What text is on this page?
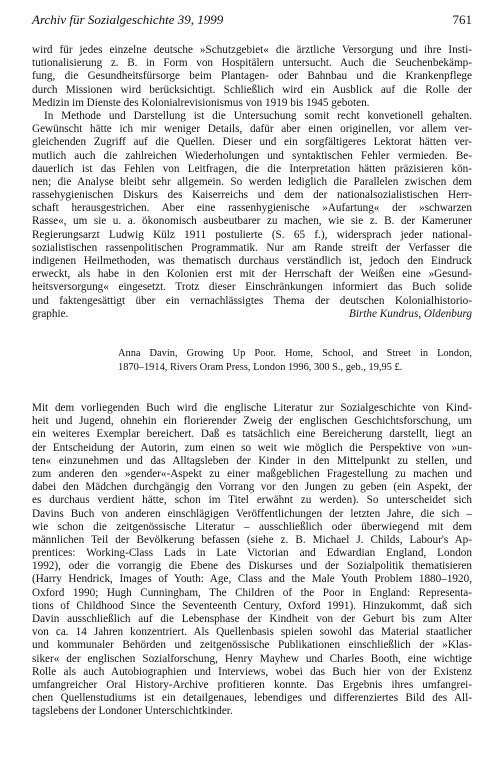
Archiv für Sozialgeschichte 39, 1999	761
wird für jedes einzelne deutsche »Schutzgebiet« die ärztliche Versorgung und ihre Insti-
tutionalisierung z. B. in Form von Hospitälern untersucht. Auch die Seuchenbekämp-
fung, die Gesundheitsfürsorge beim Plantagen- oder Bahnbau und die Krankenpflege
durch Missionen wird berücksichtigt. Schließlich wird ein Ausblick auf die Rolle der
Medizin im Dienste des Kolonialrevisionismus von 1919 bis 1945 geboten.
In Methode und Darstellung ist die Untersuchung somit recht konvetionell gehalten.
Gewünscht hätte ich mir weniger Details, dafür aber einen originellen, vor allem ver-
gleichenden Zugriff auf die Quellen. Dieser und ein sorgfältigeres Lektorat hätten ver-
mutlich auch die zahlreichen Wiederholungen und syntaktischen Fehler vermieden. Be-
dauerlich ist das Fehlen von Leitfragen, die die Interpretation hätten präzisieren kön-
nen; die Analyse bleibt sehr allgemein. So werden lediglich die Parallelen zwischen dem
rassehygienischen Diskurs des Kaiserreichs und dem der nationalsozialistischen Herr-
schaft herausgestrichen. Aber eine rassenhygienische »Aufartung« der »schwarzen
Rasse«, um sie u. a. ökonomisch ausbeutbarer zu machen, wie sie z. B. der Kameruner
Regierungsarzt Ludwig Külz 1911 postulierte (S. 65 f.), widersprach jeder national-
sozialistischen rassenpolitischen Programmatik. Nur am Rande streift der Verfasser die
indigenen Heilmethoden, was thematisch durchaus verständlich ist, jedoch den Eindruck
erweckt, als habe in den Kolonien erst mit der Herrschaft der Weißen eine »Gesund-
heitsversorgung« eingesetzt. Trotz dieser Einschränkungen informiert das Buch solide
und faktengesättigt über ein vernachlässigtes Thema der deutschen Kolonialhistorio-
graphie.	Birthe Kundrus, Oldenburg
Anna Davin, Growing Up Poor. Home, School, and Street in London,
1870–1914, Rivers Oram Press, London 1996, 300 S., geb., 19,95 £.
Mit dem vorliegenden Buch wird die englische Literatur zur Sozialgeschichte von Kind-
heit und Jugend, ohnehin ein florierender Zweig der englischen Geschichtsforschung, um
ein weiteres Exemplar bereichert. Daß es tatsächlich eine Bereicherung darstellt, liegt an
der Entscheidung der Autorin, zum einen so weit wie möglich die Perspektive von »un-
ten« einzunehmen und das Alltagsleben der Kinder in den Mittelpunkt zu stellen, und
zum anderen den »gender«-Aspekt zu einer maßgeblichen Fragestellung zu machen und
dabei den Mädchen durchgängig den Vorrang vor den Jungen zu geben (ein Aspekt, der
es durchaus verdient hätte, schon im Titel erwähnt zu werden). So unterscheidet sich
Davins Buch von anderen einschlägigen Veröffentlichungen der letzten Jahre, die sich –
wie schon die zeitgenössische Literatur – ausschließlich oder überwiegend mit dem
männlichen Teil der Bevölkerung befassen (siehe z. B. Michael J. Childs, Labour's Ap-
prentices: Working-Class Lads in Late Victorian and Edwardian England, London
1992), oder die vorrangig die Ebene des Diskurses und der Sozialpolitik thematisieren
(Harry Hendrick, Images of Youth: Age, Class and the Male Youth Problem 1880–1920,
Oxford 1990; Hugh Cunningham, The Children of the Poor in England: Representa-
tions of Childhood Since the Seventeenth Century, Oxford 1991). Hinzukommt, daß sich
Davin ausschließlich auf die Lebensphase der Kindheit von der Geburt bis zum Alter
von ca. 14 Jahren konzentriert. Als Quellenbasis spielen sowohl das Material staatlicher
und kommunaler Behörden und zeitgenössische Publikationen einschließlich der »Klas-
siker« der englischen Sozialforschung, Henry Mayhew und Charles Booth, eine wichtige
Rolle als auch Autobiographien und Interviews, wobei das Buch hier von der Existenz
umfangreicher Oral History-Archive profitieren konnte. Das Ergebnis ihres umfangrei-
chen Quellenstudiums ist ein detailgenaues, lebendiges und differenziertes Bild des All-
tagslebens der Londoner Unterschichtkinder.
